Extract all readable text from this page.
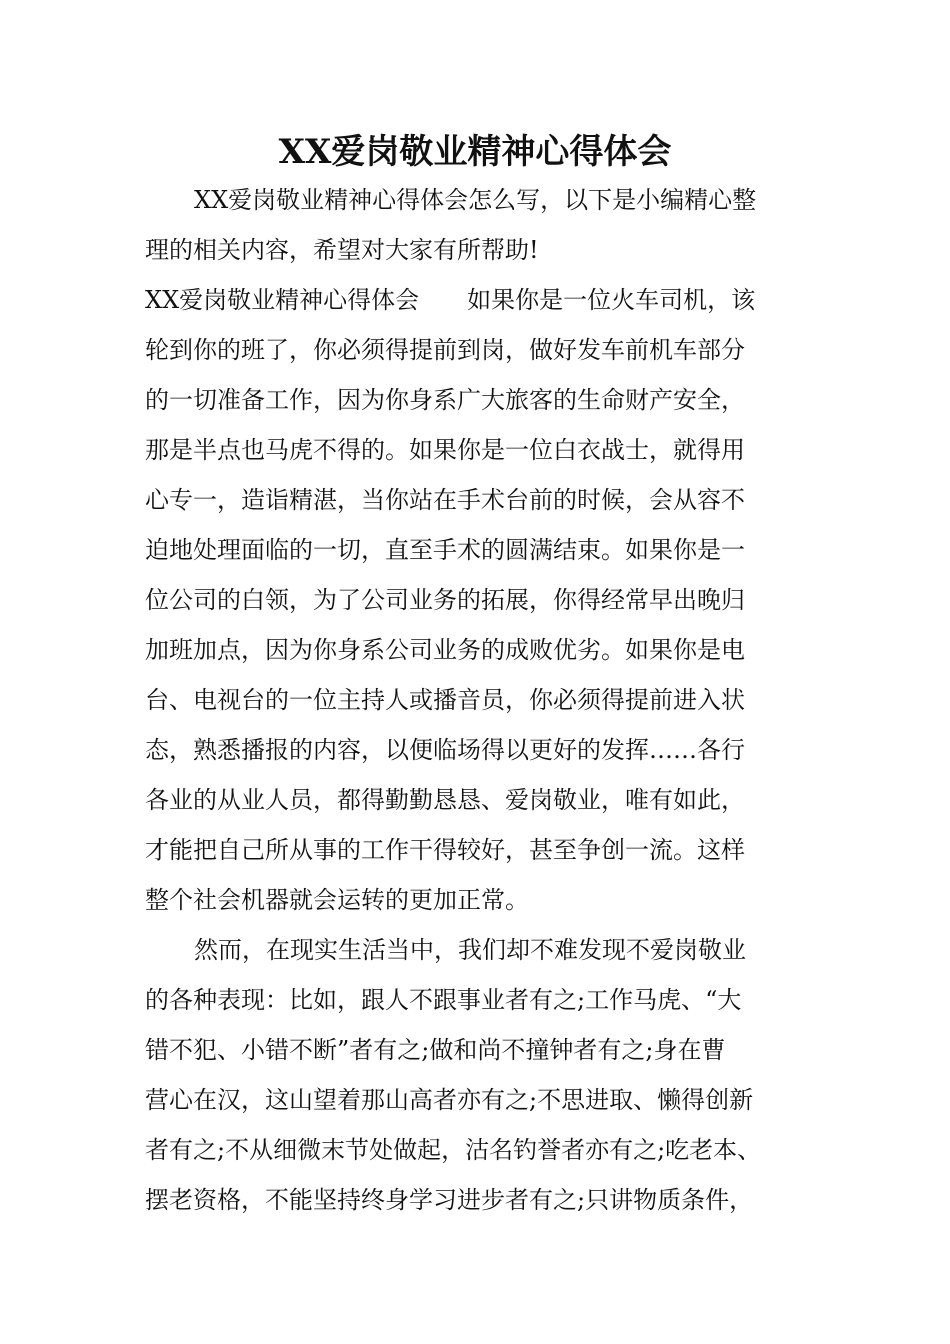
XX爱岗敬业精神心得体会

XX爱岗敬业精神心得体会怎么写，以下是小编精心整

理的相关内容，希望对大家有所帮助!

XX爱岗敬业精神心得体会　　如果你是一位火车司机，该

轮到你的班了，你必须得提前到岗，做好发车前机车部分

的一切准备工作，因为你身系广大旅客的生命财产安全，

那是半点也马虎不得的。如果你是一位白衣战士，就得用

心专一，造诣精湛，当你站在手术台前的时候，会从容不

迫地处理面临的一切，直至手术的圆满结束。如果你是一

位公司的白领，为了公司业务的拓展，你得经常早出晚归

加班加点，因为你身系公司业务的成败优劣。如果你是电

台、电视台的一位主持人或播音员，你必须得提前进入状

态，熟悉播报的内容，以便临场得以更好的发挥……各行

各业的从业人员，都得勤勤恳恳、爱岗敬业，唯有如此，

才能把自己所从事的工作干得较好，甚至争创一流。这样

整个社会机器就会运转的更加正常。

然而，在现实生活当中，我们却不难发现不爱岗敬业

的各种表现：比如，跟人不跟事业者有之;工作马虎、“大

错不犯、小错不断”者有之;做和尚不撞钟者有之;身在曹

营心在汉，这山望着那山高者亦有之;不思进取、懒得创新

者有之;不从细微末节处做起，沽名钓誉者亦有之;吃老本、

摆老资格，不能坚持终身学习进步者有之;只讲物质条件，
